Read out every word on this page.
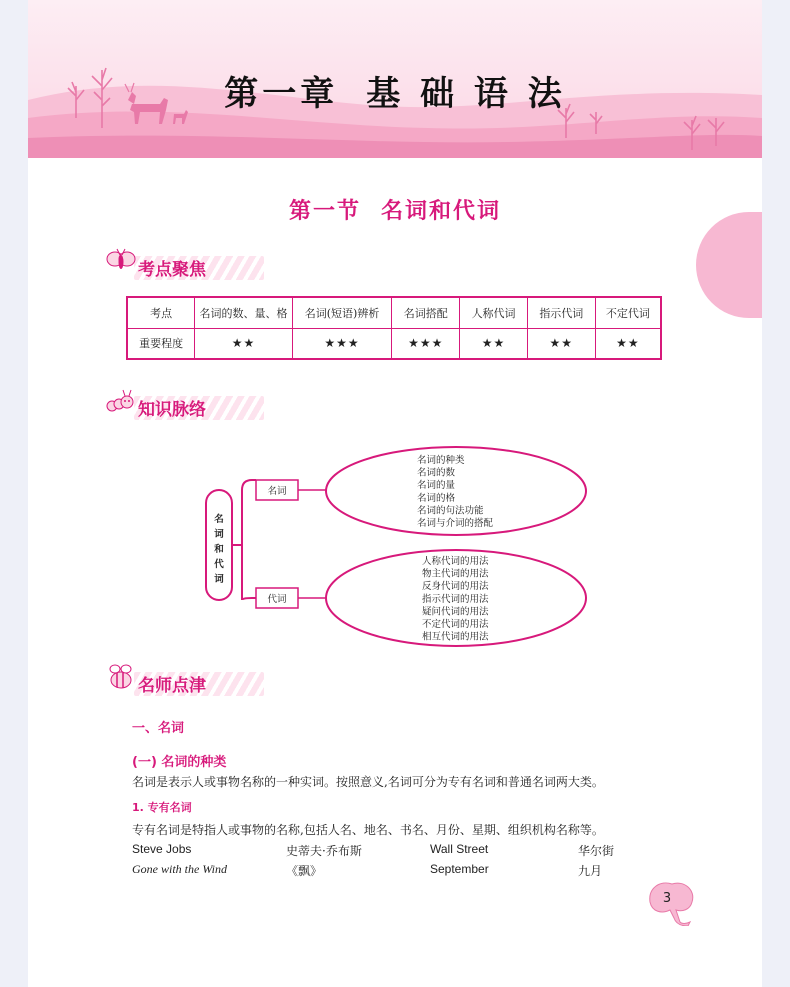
第一章 基 础 语 法
第一节 名词和代词
考点聚焦
考点	名词的数、量、格	名词(短语)辨析	名词搭配	人称代词	指示代词	不定代词
重要程度	★★	★★★	★★★	★★	★★	★★
知识脉络
名
词
和
代
词
名词
代词
名词的种类
名词的数
名词的量
名词的格
名词的句法功能
名词与介词的搭配
人称代词的用法
物主代词的用法
反身代词的用法
指示代词的用法
疑问代词的用法
不定代词的用法
相互代词的用法
名师点津
一、名词
(一) 名词的种类
名词是表示人或事物名称的一种实词。按照意义,名词可分为专有名词和普通名词两大类。
1. 专有名词
专有名词是特指人或事物的名称,包括人名、地名、书名、月份、星期、组织机构名称等。
Steve Jobs	史蒂夫·乔布斯	Wall Street	华尔街
Gone with the Wind	《飘》	September	九月
3
